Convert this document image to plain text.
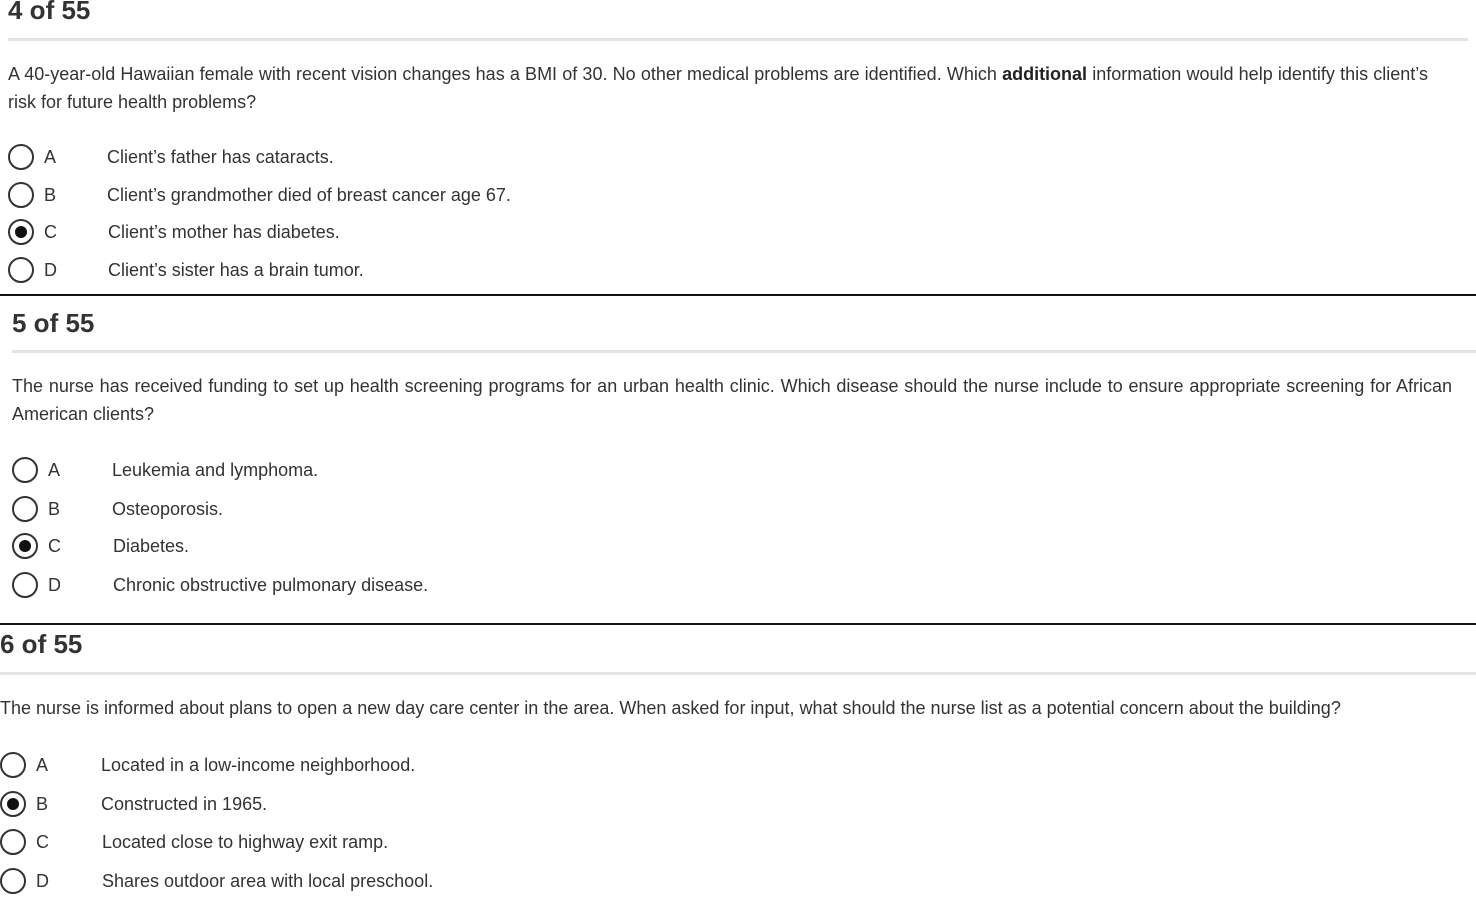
4 of 55
A 40-year-old Hawaiian female with recent vision changes has a BMI of 30. No other medical problems are identified. Which additional information would help identify this client’s risk for future health problems?
A	Client’s father has cataracts.
B	Client’s grandmother died of breast cancer age 67.
C	Client’s mother has diabetes.
D	Client’s sister has a brain tumor.
5 of 55
The nurse has received funding to set up health screening programs for an urban health clinic. Which disease should the nurse include to ensure appropriate screening for African American clients?
A	Leukemia and lymphoma.
B	Osteoporosis.
C	Diabetes.
D	Chronic obstructive pulmonary disease.
6 of 55
The nurse is informed about plans to open a new day care center in the area. When asked for input, what should the nurse list as a potential concern about the building?
A	Located in a low-income neighborhood.
B	Constructed in 1965.
C	Located close to highway exit ramp.
D	Shares outdoor area with local preschool.
